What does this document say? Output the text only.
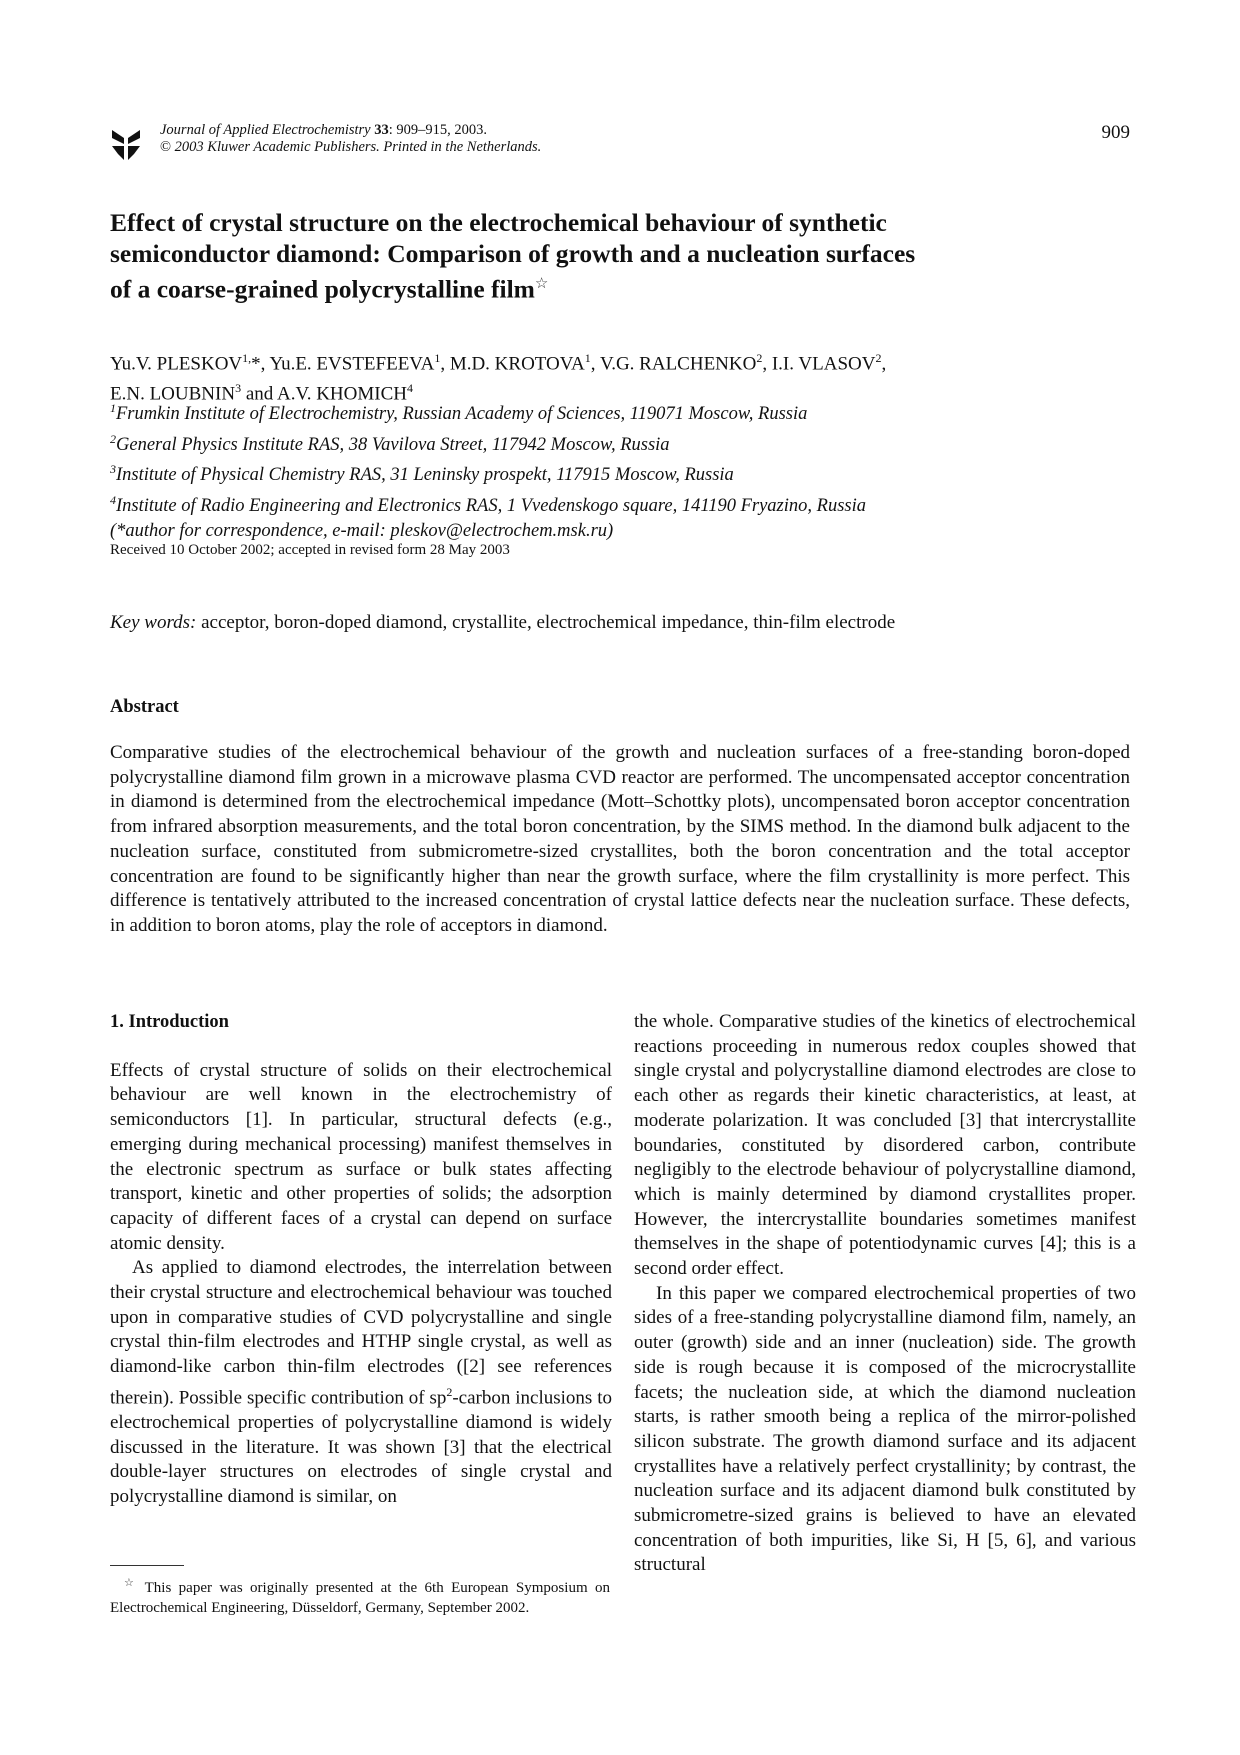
Journal of Applied Electrochemistry 33: 909–915, 2003.
© 2003 Kluwer Academic Publishers. Printed in the Netherlands.
909
Effect of crystal structure on the electrochemical behaviour of synthetic
semiconductor diamond: Comparison of growth and a nucleation surfaces
of a coarse-grained polycrystalline film☆
Yu.V. $PLESKOV^{1,}*$, Yu.E. EVSTEFEEVA$^1$, M.D. KROTOVA$^1$, V.G. RALCHENKO$^2$, I.I. VLASOV$^2$,
E.N. LOUBNIN$^3$ and A.V. KHOMICH$^4$
$^1$Frumkin Institute of Electrochemistry, Russian Academy of Sciences, 119071 Moscow, Russia
$^2$General Physics Institute RAS, 38 Vavilova Street, 117942 Moscow, Russia
$^3$Institute of Physical Chemistry RAS, 31 Leninsky prospekt, 117915 Moscow, Russia
$^4$Institute of Radio Engineering and Electronics RAS, 1 Vvedenskogo square, 141190 Fryazino, Russia
(*author for correspondence, e-mail: pleskov@electrochem.msk.ru)
Received 10 October 2002; accepted in revised form 28 May 2003
Key words: acceptor, boron-doped diamond, crystallite, electrochemical impedance, thin-film electrode
Abstract
Comparative studies of the electrochemical behaviour of the growth and nucleation surfaces of a free-standing boron-doped polycrystalline diamond film grown in a microwave plasma CVD reactor are performed. The uncompensated acceptor concentration in diamond is determined from the electrochemical impedance (Mott–Schottky plots), uncompensated boron acceptor concentration from infrared absorption measurements, and the total boron concentration, by the SIMS method. In the diamond bulk adjacent to the nucleation surface, constituted from submicrometre-sized crystallites, both the boron concentration and the total acceptor concentration are found to be significantly higher than near the growth surface, where the film crystallinity is more perfect. This difference is tentatively attributed to the increased concentration of crystal lattice defects near the nucleation surface. These defects, in addition to boron atoms, play the role of acceptors in diamond.

1. Introduction

Effects of crystal structure of solids on their electrochemical behaviour are well known in the electrochemistry of semiconductors [1]. In particular, structural defects (e.g., emerging during mechanical processing) manifest themselves in the electronic spectrum as surface or bulk states affecting transport, kinetic and other properties of solids; the adsorption capacity of different faces of a crystal can depend on surface atomic density.

As applied to diamond electrodes, the interrelation between their crystal structure and electrochemical behaviour was touched upon in comparative studies of CVD polycrystalline and single crystal thin-film electrodes and HTHP single crystal, as well as diamond-like carbon thin-film electrodes ([2] see references therein). Possible specific contribution of $sp^2$-carbon inclusions to electrochemical properties of polycrystalline diamond is widely discussed in the literature. It was shown [3] that the electrical double-layer structures on electrodes of single crystal and polycrystalline diamond is similar, on

the whole. Comparative studies of the kinetics of electrochemical reactions proceeding in numerous redox couples showed that single crystal and polycrystalline diamond electrodes are close to each other as regards their kinetic characteristics, at least, at moderate polarization. It was concluded [3] that intercrystallite boundaries, constituted by disordered carbon, contribute negligibly to the electrode behaviour of polycrystalline diamond, which is mainly determined by diamond crystallites proper. However, the intercrystallite boundaries sometimes manifest themselves in the shape of potentiodynamic curves [4]; this is a second order effect.

In this paper we compared electrochemical properties of two sides of a free-standing polycrystalline diamond film, namely, an outer (growth) side and an inner (nucleation) side. The growth side is rough because it is composed of the microcrystallite facets; the nucleation side, at which the diamond nucleation starts, is rather smooth being a replica of the mirror-polished silicon substrate. The growth diamond surface and its adjacent crystallites have a relatively perfect crystallinity; by contrast, the nucleation surface and its adjacent diamond bulk constituted by submicrometre-sized grains is believed to have an elevated concentration of both impurities, like Si, H [5, 6], and various structural

☆ This paper was originally presented at the 6th European Symposium on Electrochemical Engineering, Düsseldorf, Germany, September 2002.
